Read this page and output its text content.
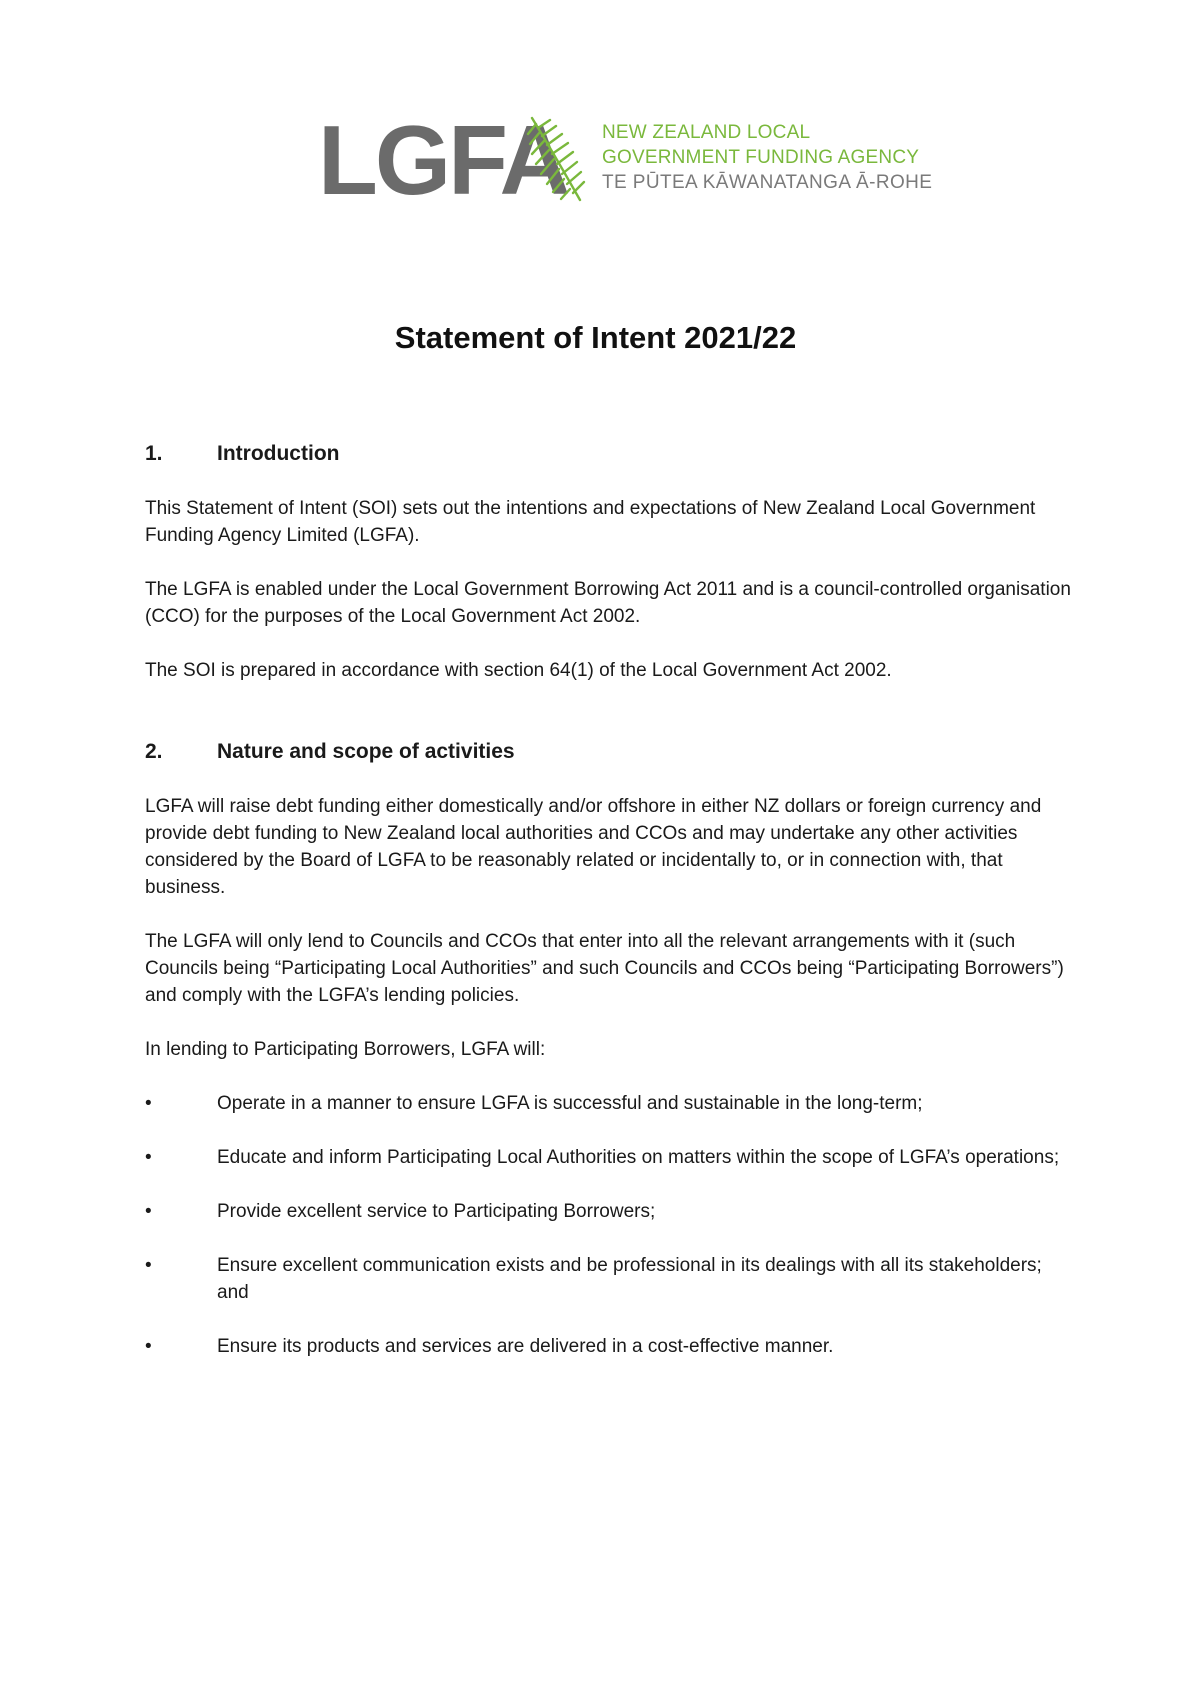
LGFA NEW ZEALAND LOCAL
GOVERNMENT FUNDING AGENCY
TE PŪTEA KĀWANATANGA Ā-ROHE
Statement of Intent 2021/22
1.	Introduction

This Statement of Intent (SOI) sets out the intentions and expectations of New Zealand Local Government Funding Agency Limited (LGFA).

The LGFA is enabled under the Local Government Borrowing Act 2011 and is a council-controlled organisation (CCO) for the purposes of the Local Government Act 2002.

The SOI is prepared in accordance with section 64(1) of the Local Government Act 2002.

2.	Nature and scope of activities

LGFA will raise debt funding either domestically and/or offshore in either NZ dollars or foreign currency and provide debt funding to New Zealand local authorities and CCOs and may undertake any other activities considered by the Board of LGFA to be reasonably related or incidentally to, or in connection with, that business.

The LGFA will only lend to Councils and CCOs that enter into all the relevant arrangements with it (such Councils being “Participating Local Authorities” and such Councils and CCOs being “Participating Borrowers”) and comply with the LGFA’s lending policies.

In lending to Participating Borrowers, LGFA will:

•	Operate in a manner to ensure LGFA is successful and sustainable in the long-term;
•	Educate and inform Participating Local Authorities on matters within the scope of LGFA’s operations;
•	Provide excellent service to Participating Borrowers;
•	Ensure excellent communication exists and be professional in its dealings with all its stakeholders; and
•	Ensure its products and services are delivered in a cost-effective manner.
